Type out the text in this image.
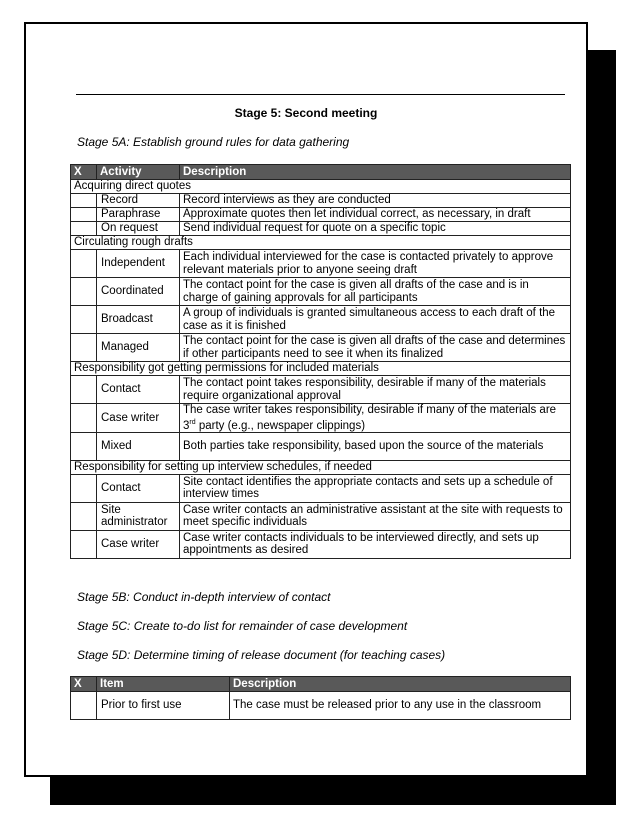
Stage 5: Second meeting
Stage 5A: Establish ground rules for data gathering
X	Activity	Description
Acquiring direct quotes		
	Record	Record interviews as they are conducted
	Paraphrase	Approximate quotes then let individual correct, as necessary, in draft
	On request	Send individual request for quote on a specific topic
Circulating rough drafts		
	Independent	Each individual interviewed for the case is contacted privately to approve relevant materials prior to anyone seeing draft
	Coordinated	The contact point for the case is given all drafts of the case and is in charge of gaining approvals for all participants
	Broadcast	A group of individuals is granted simultaneous access to each draft of the case as it is finished
	Managed	The contact point for the case is given all drafts of the case and determines if other participants need to see it when its finalized
Responsibility got getting permissions for included materials		
	Contact	The contact point takes responsibility, desirable if many of the materials require organizational approval
	Case writer	The case writer takes responsibility, desirable if many of the materials are 3rd party (e.g., newspaper clippings)
	Mixed	Both parties take responsibility, based upon the source of the materials
Responsibility for setting up interview schedules, if needed		
	Contact	Site contact identifies the appropriate contacts and sets up a schedule of interview times
	Site administrator	Case writer contacts an administrative assistant at the site with requests to meet specific individuals
	Case writer	Case writer contacts individuals to be interviewed directly, and sets up appointments as desired
Stage 5B: Conduct in-depth interview of contact
Stage 5C: Create to-do list for remainder of case development
Stage 5D: Determine timing of release document (for teaching cases)
X	Item	Description
	Prior to first use	The case must be released prior to any use in the classroom
